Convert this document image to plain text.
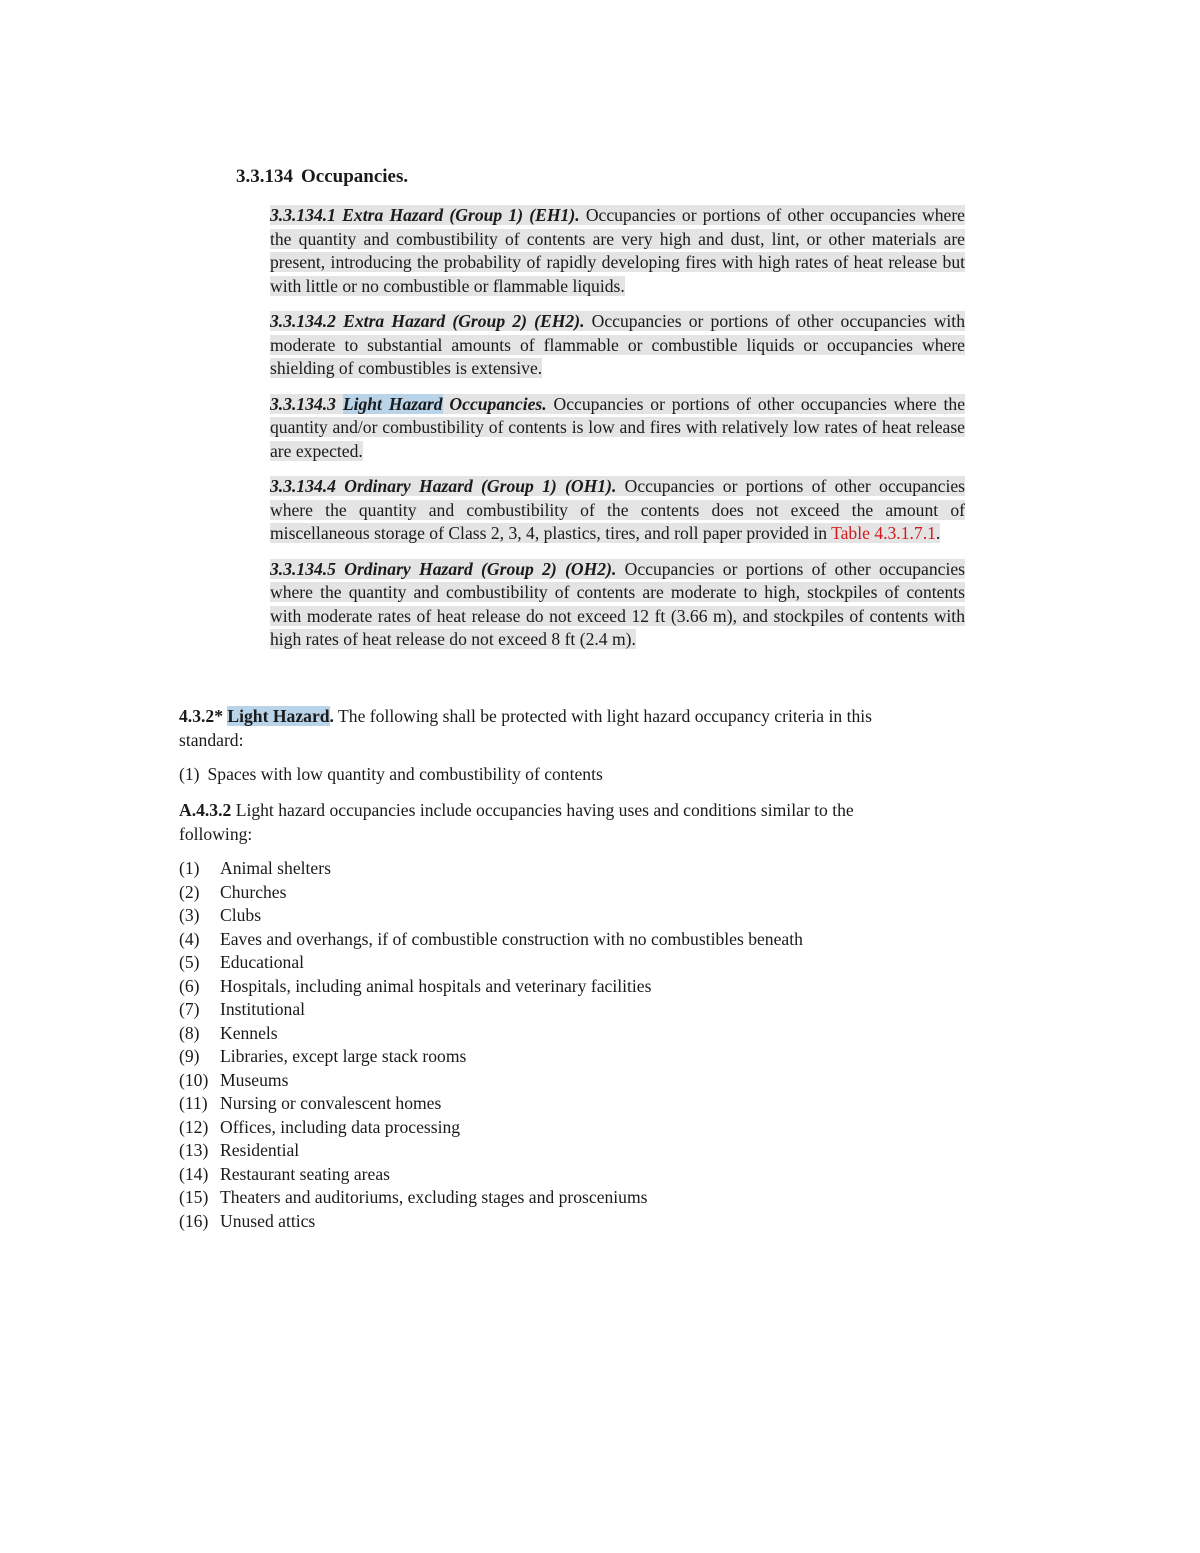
3.3.134 Occupancies.

3.3.134.1 Extra Hazard (Group 1) (EH1). Occupancies or portions of other occupancies where the quantity and combustibility of contents are very high and dust, lint, or other materials are present, introducing the probability of rapidly developing fires with high rates of heat release but with little or no combustible or flammable liquids.

3.3.134.2 Extra Hazard (Group 2) (EH2). Occupancies or portions of other occupancies with moderate to substantial amounts of flammable or combustible liquids or occupancies where shielding of combustibles is extensive.

3.3.134.3 Light Hazard Occupancies. Occupancies or portions of other occupancies where the quantity and/or combustibility of contents is low and fires with relatively low rates of heat release are expected.

3.3.134.4 Ordinary Hazard (Group 1) (OH1). Occupancies or portions of other occupancies where the quantity and combustibility of the contents does not exceed the amount of miscellaneous storage of Class 2, 3, 4, plastics, tires, and roll paper provided in Table 4.3.1.7.1.

3.3.134.5 Ordinary Hazard (Group 2) (OH2). Occupancies or portions of other occupancies where the quantity and combustibility of contents are moderate to high, stockpiles of contents with moderate rates of heat release do not exceed 12 ft (3.66 m), and stockpiles of contents with high rates of heat release do not exceed 8 ft (2.4 m).

4.3.2* Light Hazard. The following shall be protected with light hazard occupancy criteria in this standard:
(1) Spaces with low quantity and combustibility of contents
A.4.3.2 Light hazard occupancies include occupancies having uses and conditions similar to the following:
(1) Animal shelters
(2) Churches
(3) Clubs
(4) Eaves and overhangs, if of combustible construction with no combustibles beneath
(5) Educational
(6) Hospitals, including animal hospitals and veterinary facilities
(7) Institutional
(8) Kennels
(9) Libraries, except large stack rooms
(10) Museums
(11) Nursing or convalescent homes
(12) Offices, including data processing
(13) Residential
(14) Restaurant seating areas
(15) Theaters and auditoriums, excluding stages and prosceniums
(16) Unused attics
